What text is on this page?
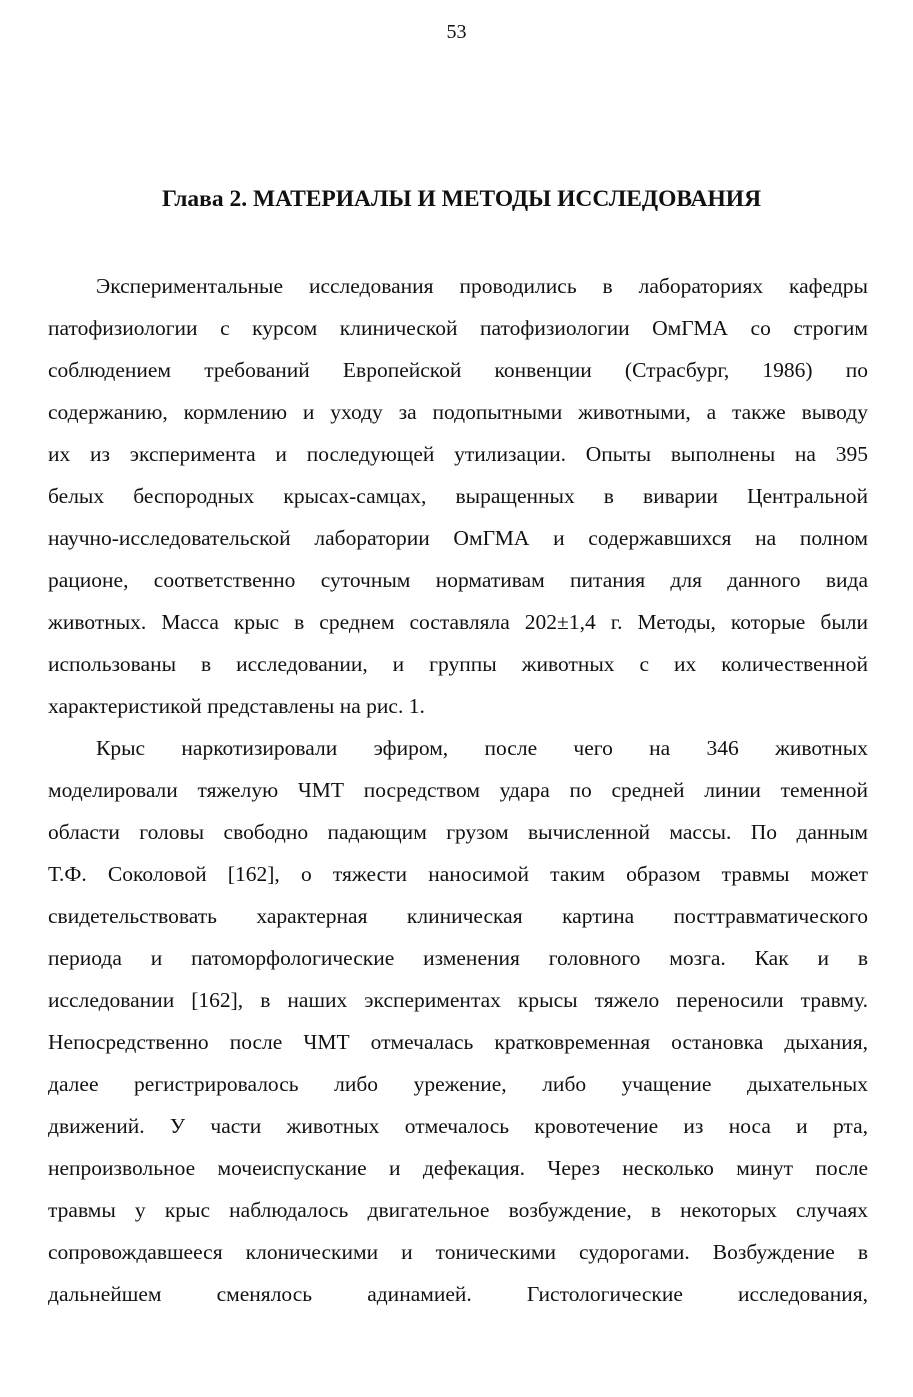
53
Глава 2. МАТЕРИАЛЫ И МЕТОДЫ ИССЛЕДОВАНИЯ

Экспериментальные исследования проводились в лабораториях кафедры
патофизиологии с курсом клинической патофизиологии ОмГМА со строгим
соблюдением требований Европейской конвенции (Страсбург, 1986) по
содержанию, кормлению и уходу за подопытными животными, а также выводу
их из эксперимента и последующей утилизации. Опыты выполнены на 395
белых беспородных крысах-самцах, выращенных в виварии Центральной
научно-исследовательской лаборатории ОмГМА и содержавшихся на полном
рационе, соответственно суточным нормативам питания для данного вида
животных. Масса крыс в среднем составляла 202±1,4 г. Методы, которые были
использованы в исследовании, и группы животных с их количественной
характеристикой представлены на рис. 1.

Крыс наркотизировали эфиром, после чего на 346 животных
моделировали тяжелую ЧМТ посредством удара по средней линии теменной
области головы свободно падающим грузом вычисленной массы. По данным
Т.Ф. Соколовой [162], о тяжести наносимой таким образом травмы может
свидетельствовать характерная клиническая картина посттравматического
периода и патоморфологические изменения головного мозга. Как и в
исследовании [162], в наших экспериментах крысы тяжело переносили травму.
Непосредственно после ЧМТ отмечалась кратковременная остановка дыхания,
далее регистрировалось либо урежение, либо учащение дыхательных
движений. У части животных отмечалось кровотечение из носа и рта,
непроизвольное мочеиспускание и дефекация. Через несколько минут после
травмы у крыс наблюдалось двигательное возбуждение, в некоторых случаях
сопровождавшееся клоническими и тоническими судорогами. Возбуждение в
дальнейшем сменялось адинамией. Гистологические исследования,
